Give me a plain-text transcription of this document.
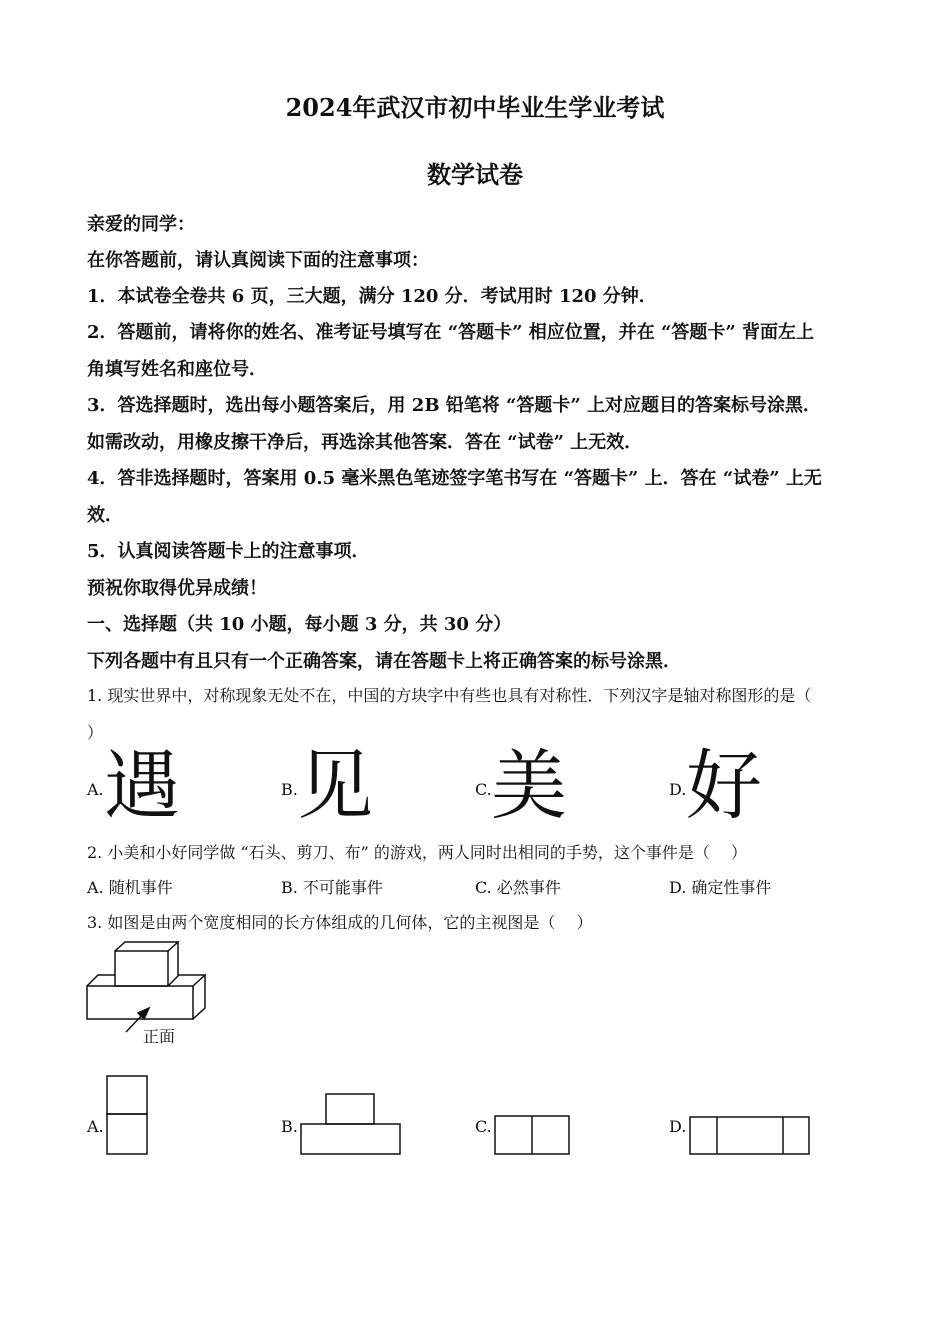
2024年武汉市初中毕业生学业考试
数学试卷
亲爱的同学：
在你答题前，请认真阅读下面的注意事项：
1．本试卷全卷共 6 页，三大题，满分 120 分．考试用时 120 分钟．
2．答题前，请将你的姓名、准考证号填写在 “答题卡” 相应位置，并在 “答题卡” 背面左上
角填写姓名和座位号．
3．答选择题时，选出每小题答案后，用 2B 铅笔将 “答题卡” 上对应题目的答案标号涂黑．
如需改动，用橡皮擦干净后，再选涂其他答案．答在 “试卷” 上无效．
4．答非选择题时，答案用 0.5 毫米黑色笔迹签字笔书写在 “答题卡” 上．答在 “试卷” 上无
效．
5．认真阅读答题卡上的注意事项．
预祝你取得优异成绩！
一、选择题（共 10 小题，每小题 3 分，共 30 分）
下列各题中有且只有一个正确答案，请在答题卡上将正确答案的标号涂黑．
1. 现实世界中，对称现象无处不在，中国的方块字中有些也具有对称性．下列汉字是轴对称图形的是（
）
A. 遇	B. 见	C. 美	D. 好
2. 小美和小好同学做 “石头、剪刀、布” 的游戏，两人同时出相同的手势，这个事件是（　 ）
A. 随机事件	B. 不可能事件	C. 必然事件	D. 确定性事件
3. 如图是由两个宽度相同的长方体组成的几何体，它的主视图是（　 ）
正面
A.	B.	C.	D.
